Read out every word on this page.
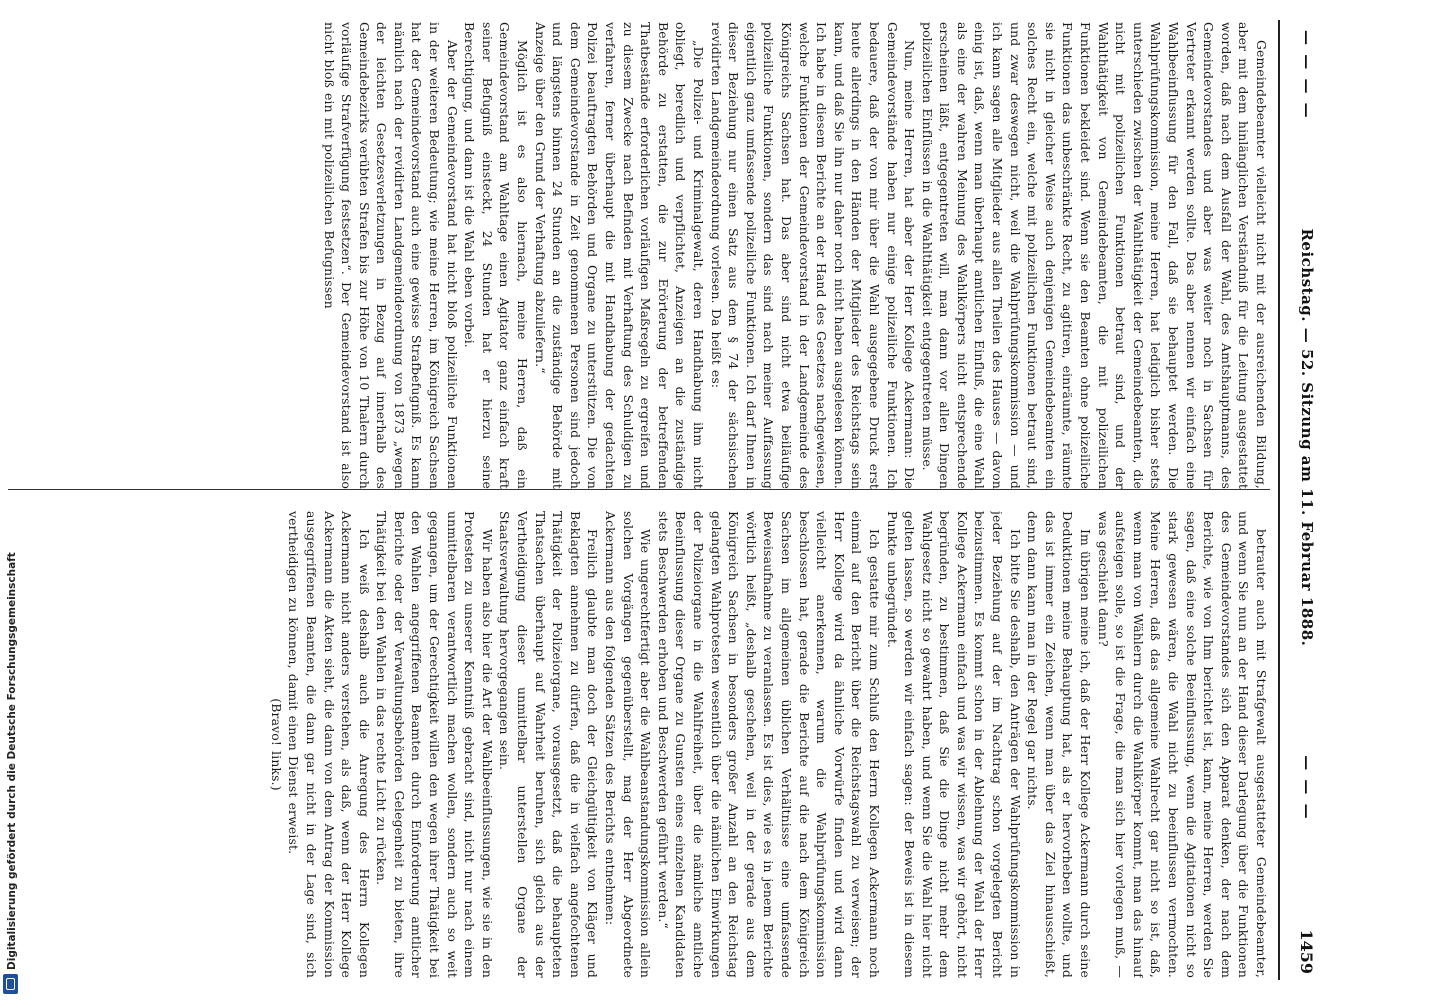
— — — —
Reichstag. — 52. Sitzung am 11. Februar 1888.
— — —
1459

Gemeindebeamter vielleicht nicht mit der ausreichenden Bildung, aber mit dem hinlänglichen Verständniß für die Leitung ausgestattet worden, daß nach dem Ausfall der Wahl, des Amtshauptmanns, des Gemeindevorstandes und aber was weiter noch in Sachsen für Vertreter erkannt werden sollte. Das aber nennen wir einfach eine Wahlbeeinflussung für den Fall, daß sie behauptet werden. Die Wahlprüfungskommission, meine Herren, hat lediglich bisher stets unterschieden zwischen der Wahlthätigkeit der Gemeindebeamten, die nicht mit polizeilichen Funktionen betraut sind, und der Wahlthätigkeit von Gemeindebeamten, die mit polizeilichen Funktionen bekleidet sind. Wenn sie den Beamten ohne polizeiliche Funktionen das unbeschränkte Recht, zu agitiren, einräumte, räumte sie nicht in gleicher Weise auch denjenigen Gemeindebeamten ein solches Recht ein, welche mit polizeilichen Funktionen betraut sind, und zwar deswegen nicht, weil die Wahlprüfungskommission — und ich kann sagen alle Mitglieder aus allen Theilen des Hauses — davon einig ist, daß, wenn man überhaupt amtlichen Einfluß, die eine Wahl als eine der wahren Meinung des Wahlkörpers nicht entsprechende erscheinen läßt, entgegentreten will, man dann vor allen Dingen polizeilichen Einflüssen in die Wahlthätigkeit entgegentreten müsse.

Nun, meine Herren, hat aber der Herr Kollege Ackermann: Die Gemeindevorstände haben nur einige polizeiliche Funktionen. Ich bedauere, daß der von mir über die Wahl ausgegebene Druck erst heute allerdings in den Händen der Mitglieder des Reichstags sein kann, und daß Sie ihn nur daher noch nicht haben ausgelesen können. Ich habe in diesem Berichte an der Hand des Gesetzes nachgewiesen, welche Funktionen der Gemeindevorstand in der Landgemeinde des Königreichs Sachsen hat. Das aber sind nicht etwa beiläufige polizeiliche Funktionen, sondern das sind nach meiner Auffassung eigentlich ganz umfassende polizeiliche Funktionen. Ich darf Ihnen in dieser Beziehung nur einen Satz aus dem § 74 der sächsischen revidirten Landgemeindeordnung vorlesen. Da heißt es:

„Die Polizei- und Kriminalgewalt, deren Handhabung ihm nicht obliegt, beredlich und verpflichtet, Anzeigen an die zuständige Behörde zu erstatten, die zur Erörterung der betreffenden Thatbestände erforderlichen vorläufigen Maßregeln zu ergreifen und zu diesem Zwecke nach Befinden mit Verhaftung des Schuldigen zu verfahren, ferner überhaupt die mit Handhabung der gedachten Polizei beauftragten Behörden und Organe zu unterstützen. Die von dem Gemeindevorstande in Zeit genommenen Personen sind jedoch und längstens binnen 24 Stunden an die zuständige Behörde mit Anzeige über den Grund der Verhaftung abzuliefern.“

Möglich ist es also hiernach, meine Herren, daß ein Gemeindevorstand am Wahltage einen Agitator ganz einfach kraft seiner Befugniß einsteckt, 24 Stunden hat er hierzu seine Berechtigung, und dann ist die Wahl eben vorbei.

Aber der Gemeindevorstand hat nicht bloß polizeiliche Funktionen in der weiteren Bedeutung; wie meine Herren, im Königreich Sachsen hat der Gemeindevorstand auch eine gewisse Strafbefugniß. Es kann nämlich nach der revidirten Landgemeindeordnung von 1873 „wegen der leichten Gesetzesverletzungen in Bezug auf innerhalb des Gemeindebezirks verübten Strafen bis zur Höhe von 10 Thalern durch vorläufige Strafverfügung festsetzen“. Der Gemeindevorstand ist also nicht bloß ein mit polizeilichen Befugnissen

betrauter auch mit Strafgewalt ausgestatteter Gemeindebeamter, und wenn Sie nun an der Hand dieser Darlegung über die Funktionen des Gemeindevorstandes sich den Apparat denken, der nach dem Berichte, wie von Ihm berichtet ist, kann, meine Herren, werden Sie sagen, daß eine solche Beeinflussung, wenn die Agitationen nicht so stark gewesen wären, die Wahl nicht zu beeinflussen vermochten. Meine Herren, daß das allgemeine Wahlrecht gar nicht so ist, daß, wenn man von Wählern durch die Wahlkörper kommt, man das hinauf aufsteigen solle, so ist die Frage, die man sich hier vorlegen muß, — was geschieht dann?

Im übrigen meine ich, daß der Herr Kollege Ackermann durch seine Deduktionen meine Behauptung hat, als er hervorheben wollte, und das ist immer ein Zeichen, wenn man über das Ziel hinausschießt, denn dann kann man in der Regel gar nichts.

Ich bitte Sie deshalb, den Anträgen der Wahlprüfungskommission in jeder Beziehung auf der im Nachtrag schon vorgelegten Bericht beizustimmen. Es kommt schon in der Ablehnung der Wahl der Herr Kollege Ackermann einfach und was wir wissen, was wir gehört, nicht begründen, zu bestimmen, daß Sie die Dinge nicht mehr dem Wahlgesetz nicht so gewahrt haben, und wenn Sie die Wahl hier nicht gelten lassen, so werden wir einfach sagen: der Beweis ist in diesem Punkte unbegründet.

Ich gestatte mir zum Schluß den Herrn Kollegen Ackermann noch einmal auf den Bericht über die Reichstagswahl zu verweisen; der Herr Kollege wird da ähnliche Vorwürfe finden und wird dann vielleicht anerkennen, warum die Wahlprüfungskommission beschlossen hat, gerade die Berichte auf die nach dem Königreich Sachsen im allgemeinen üblichen Verhältnisse eine umfassende Beweisaufnahme zu veranlassen. Es ist dies, wie es in jenem Berichte wörtlich heißt, „deshalb geschehen, weil in der gerade aus dem Königreich Sachsen in besonders großer Anzahl an den Reichstag gelangten Wahlprotesten wesentlich über die nämlichen Einwirkungen der Polizeiorgane in die Wahlfreiheit, über die nämliche amtliche Beeinflussung dieser Organe zu Gunsten eines einzelnen Kandidaten stets Beschwerden erhoben und Beschwerden geführt werden.“

Wie ungerechtfertigt aber die Wahlbeanstandungskommission allein solchen Vorgängen gegenüberstellt, mag der Herr Abgeordnete Ackermann aus den folgenden Sätzen des Berichts entnehmen:

Freilich glaubte man doch der Gleichgültigkeit von Kläger und Beklagten annehmen zu dürfen, daß die in vielfach angefochtenen Thätigkeit der Polizeiorgane, vorausgesetzt, daß die behaupteten Thatsachen überhaupt auf Wahrheit beruhen, sich gleich aus der Vertheidigung dieser unmittelbar unterstellen Organe der Staatsverwaltung hervorgegangen sein.

Wir haben also hier die Art der Wahlbeeinflussungen, wie sie in den Protesten zu unserer Kenntniß gebracht sind, nicht nur nach einem unmittelbaren verantwortlich machen wollen, sondern auch so weit gegangen, um der Gerechtigkeit willen den wegen ihrer Thätigkeit bei den Wahlen angegriffenen Beamten durch Einforderung amtlicher Berichte oder der Verwaltungsbehörden Gelegenheit zu bieten, ihre Thätigkeit bei den Wahlen in das rechte Licht zu rücken.

Ich weiß deshalb auch die Anregung des Herrn Kollegen Ackermann nicht anders verstehen, als daß, wenn der Herr Kollege Ackermann die Akten sieht, die dann von dem Antrag der Kommission ausgegriffenen Beamten, die dann gar nicht in der Lage sind, sich vertheidigen zu können, damit einen Dienst erweist.

(Bravo! links.)

Digitalisierung gefördert durch die Deutsche Forschungsgemeinschaft
